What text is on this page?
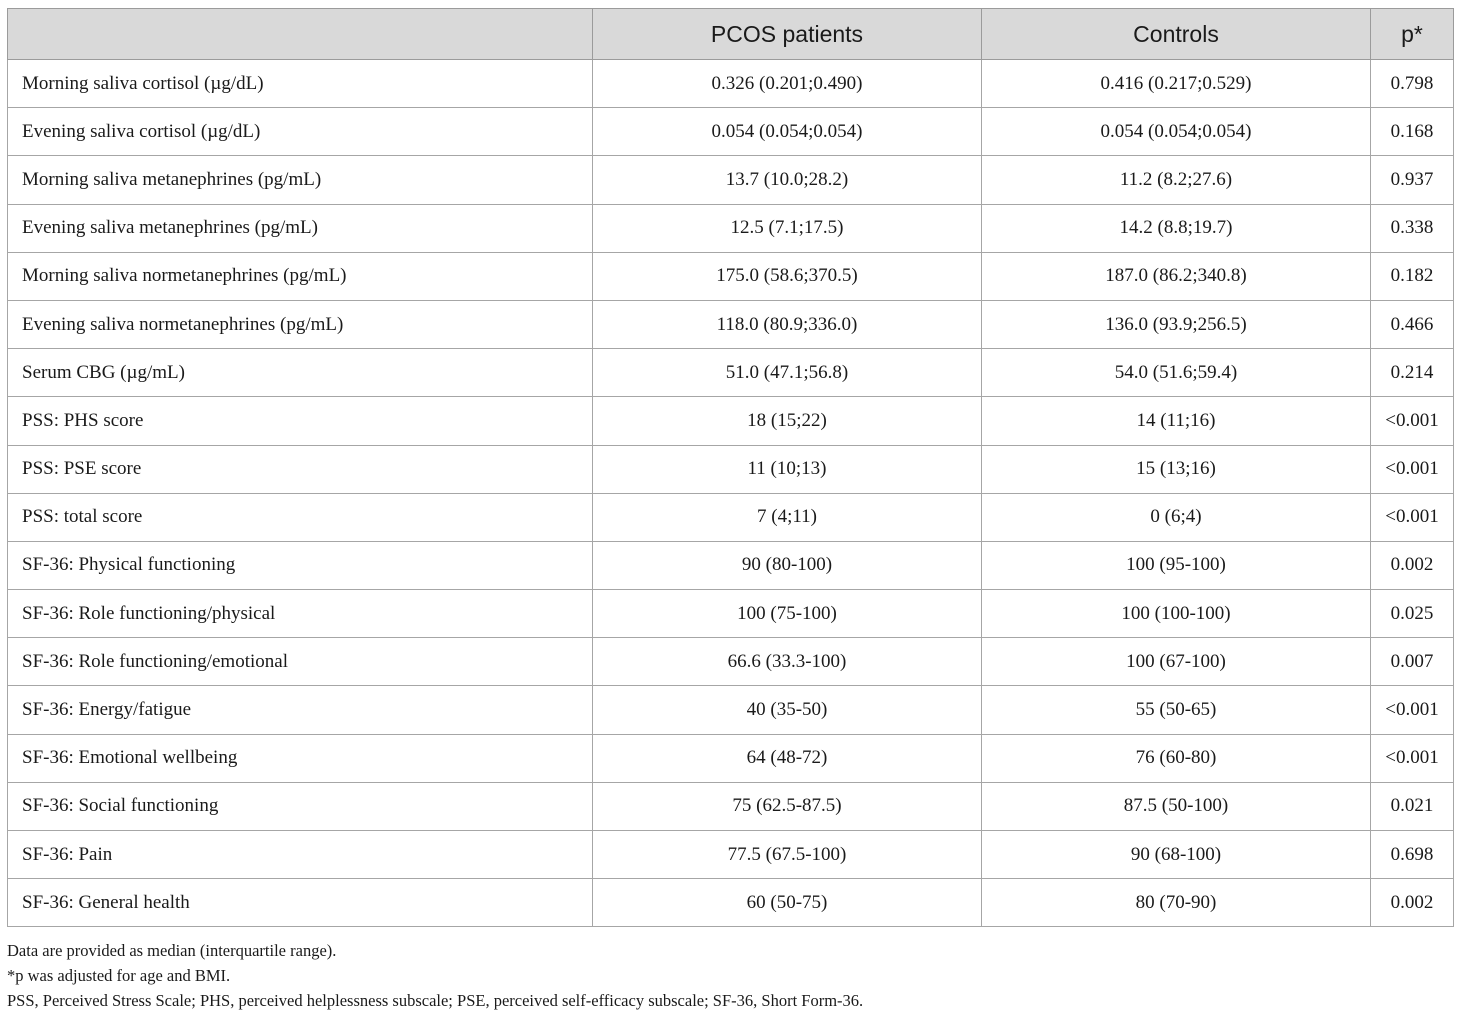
	PCOS patients	Controls	p*
Morning saliva cortisol (µg/dL)	0.326 (0.201;0.490)	0.416 (0.217;0.529)	0.798
Evening saliva cortisol (µg/dL)	0.054 (0.054;0.054)	0.054 (0.054;0.054)	0.168
Morning saliva metanephrines (pg/mL)	13.7 (10.0;28.2)	11.2 (8.2;27.6)	0.937
Evening saliva metanephrines (pg/mL)	12.5 (7.1;17.5)	14.2 (8.8;19.7)	0.338
Morning saliva normetanephrines (pg/mL)	175.0 (58.6;370.5)	187.0 (86.2;340.8)	0.182
Evening saliva normetanephrines (pg/mL)	118.0 (80.9;336.0)	136.0 (93.9;256.5)	0.466
Serum CBG (µg/mL)	51.0 (47.1;56.8)	54.0 (51.6;59.4)	0.214
PSS: PHS score	18 (15;22)	14 (11;16)	<0.001
PSS: PSE score	11 (10;13)	15 (13;16)	<0.001
PSS: total score	7 (4;11)	0 (6;4)	<0.001
SF-36: Physical functioning	90 (80-100)	100 (95-100)	0.002
SF-36: Role functioning/physical	100 (75-100)	100 (100-100)	0.025
SF-36: Role functioning/emotional	66.6 (33.3-100)	100 (67-100)	0.007
SF-36: Energy/fatigue	40 (35-50)	55 (50-65)	<0.001
SF-36: Emotional wellbeing	64 (48-72)	76 (60-80)	<0.001
SF-36: Social functioning	75 (62.5-87.5)	87.5 (50-100)	0.021
SF-36: Pain	77.5 (67.5-100)	90 (68-100)	0.698
SF-36: General health	60 (50-75)	80 (70-90)	0.002
Data are provided as median (interquartile range).
*p was adjusted for age and BMI.
PSS, Perceived Stress Scale; PHS, perceived helplessness subscale; PSE, perceived self-efficacy subscale; SF-36, Short Form-36.
